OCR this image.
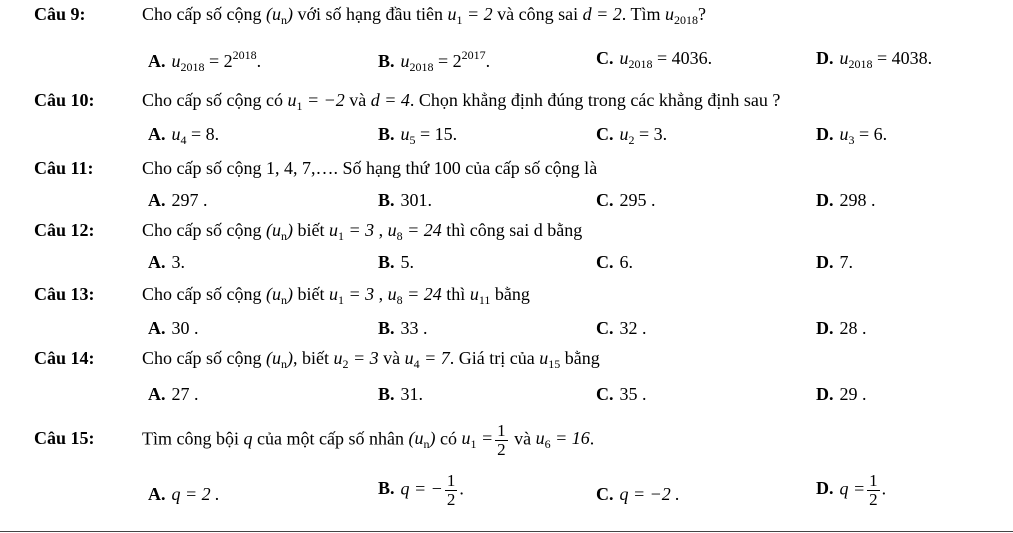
Câu 9:	Cho cấp số cộng $(u_n)$ với số hạng đầu tiên $u_1 = 2$ và công sai d = 2. Tìm $u_{2018}$?
A. $u_{2018} = 2^{2018}$.	B. $u_{2018} = 2^{2017}$.	C. $u_{2018} = 4036$.	D. $u_{2018} = 4038$.
Câu 10:	Cho cấp số cộng có $u_1 = -2$ và d = 4. Chọn khẳng định đúng trong các khẳng định sau ?
A. $u_4 = 8$.	B. $u_5 = 15$.	C. $u_2 = 3$.	D. $u_3 = 6$.
Câu 11:	Cho cấp số cộng 1, 4, 7,…. Số hạng thứ 100 của cấp số cộng là
A. 297 .	B. 301.	C. 295 .	D. 298 .
Câu 12:	Cho cấp số cộng $(u_n)$ biết $u_1 = 3$ , $u_8 = 24$ thì công sai d bằng
A. 3.	B. 5.	C. 6.	D. 7.
Câu 13:	Cho cấp số cộng $(u_n)$ biết $u_1 = 3$ , $u_8 = 24$ thì $u_{11}$ bằng
A. 30 .	B. 33 .	C. 32 .	D. 28 .
Câu 14:	Cho cấp số cộng $(u_n)$, biết $u_2 = 3$ và $u_4 = 7$. Giá trị của $u_{15}$ bằng
A. 27 .	B. 31.	C. 35 .	D. 29 .
Câu 15:	Tìm công bội q của một cấp số nhân $(u_n)$ có $u_1 = \frac{1}{2}$ và $u_6 = 16$.
A. q = 2 .	B. q = − $\frac{1}{2}$ .	C. q = −2 .	D. $q = \frac{1}{2}$ .
